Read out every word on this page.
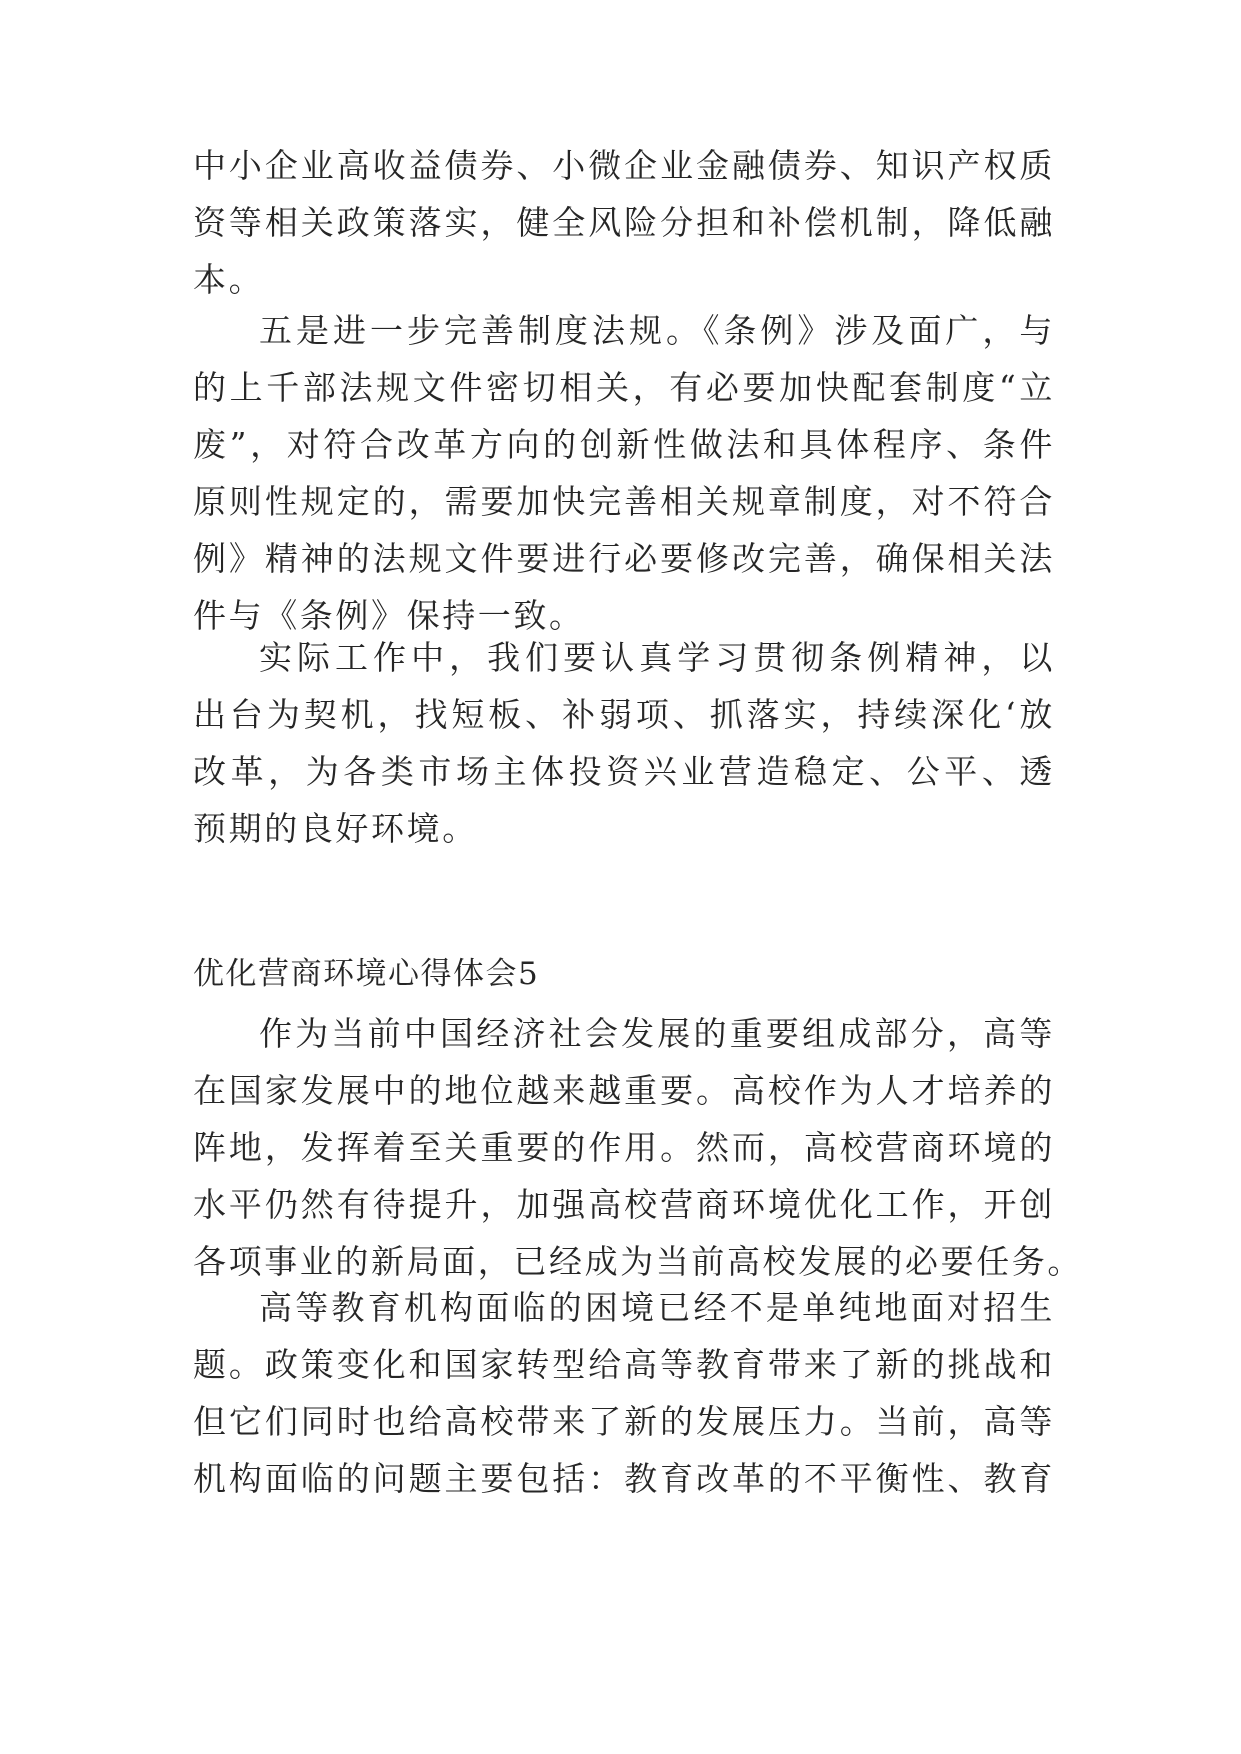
中小企业高收益债券、小微企业金融债券、知识产权质
资等相关政策落实，健全风险分担和补偿机制，降低融
本。
五是进一步完善制度法规。《条例》涉及面广，与
的上千部法规文件密切相关，有必要加快配套制度“立
废”，对符合改革方向的创新性做法和具体程序、条件
原则性规定的，需要加快完善相关规章制度，对不符合
例》精神的法规文件要进行必要修改完善，确保相关法
件与《条例》保持一致。
实际工作中，我们要认真学习贯彻条例精神，以
出台为契机，找短板、补弱项、抓落实，持续深化‘放
改革，为各类市场主体投资兴业营造稳定、公平、透
预期的良好环境。
优化营商环境心得体会5
作为当前中国经济社会发展的重要组成部分，高等
在国家发展中的地位越来越重要。高校作为人才培养的
阵地，发挥着至关重要的作用。然而，高校营商环境的
水平仍然有待提升，加强高校营商环境优化工作，开创
各项事业的新局面，已经成为当前高校发展的必要任务。
高等教育机构面临的困境已经不是单纯地面对招生
题。政策变化和国家转型给高等教育带来了新的挑战和
但它们同时也给高校带来了新的发展压力。当前，高等
机构面临的问题主要包括：教育改革的不平衡性、教育
